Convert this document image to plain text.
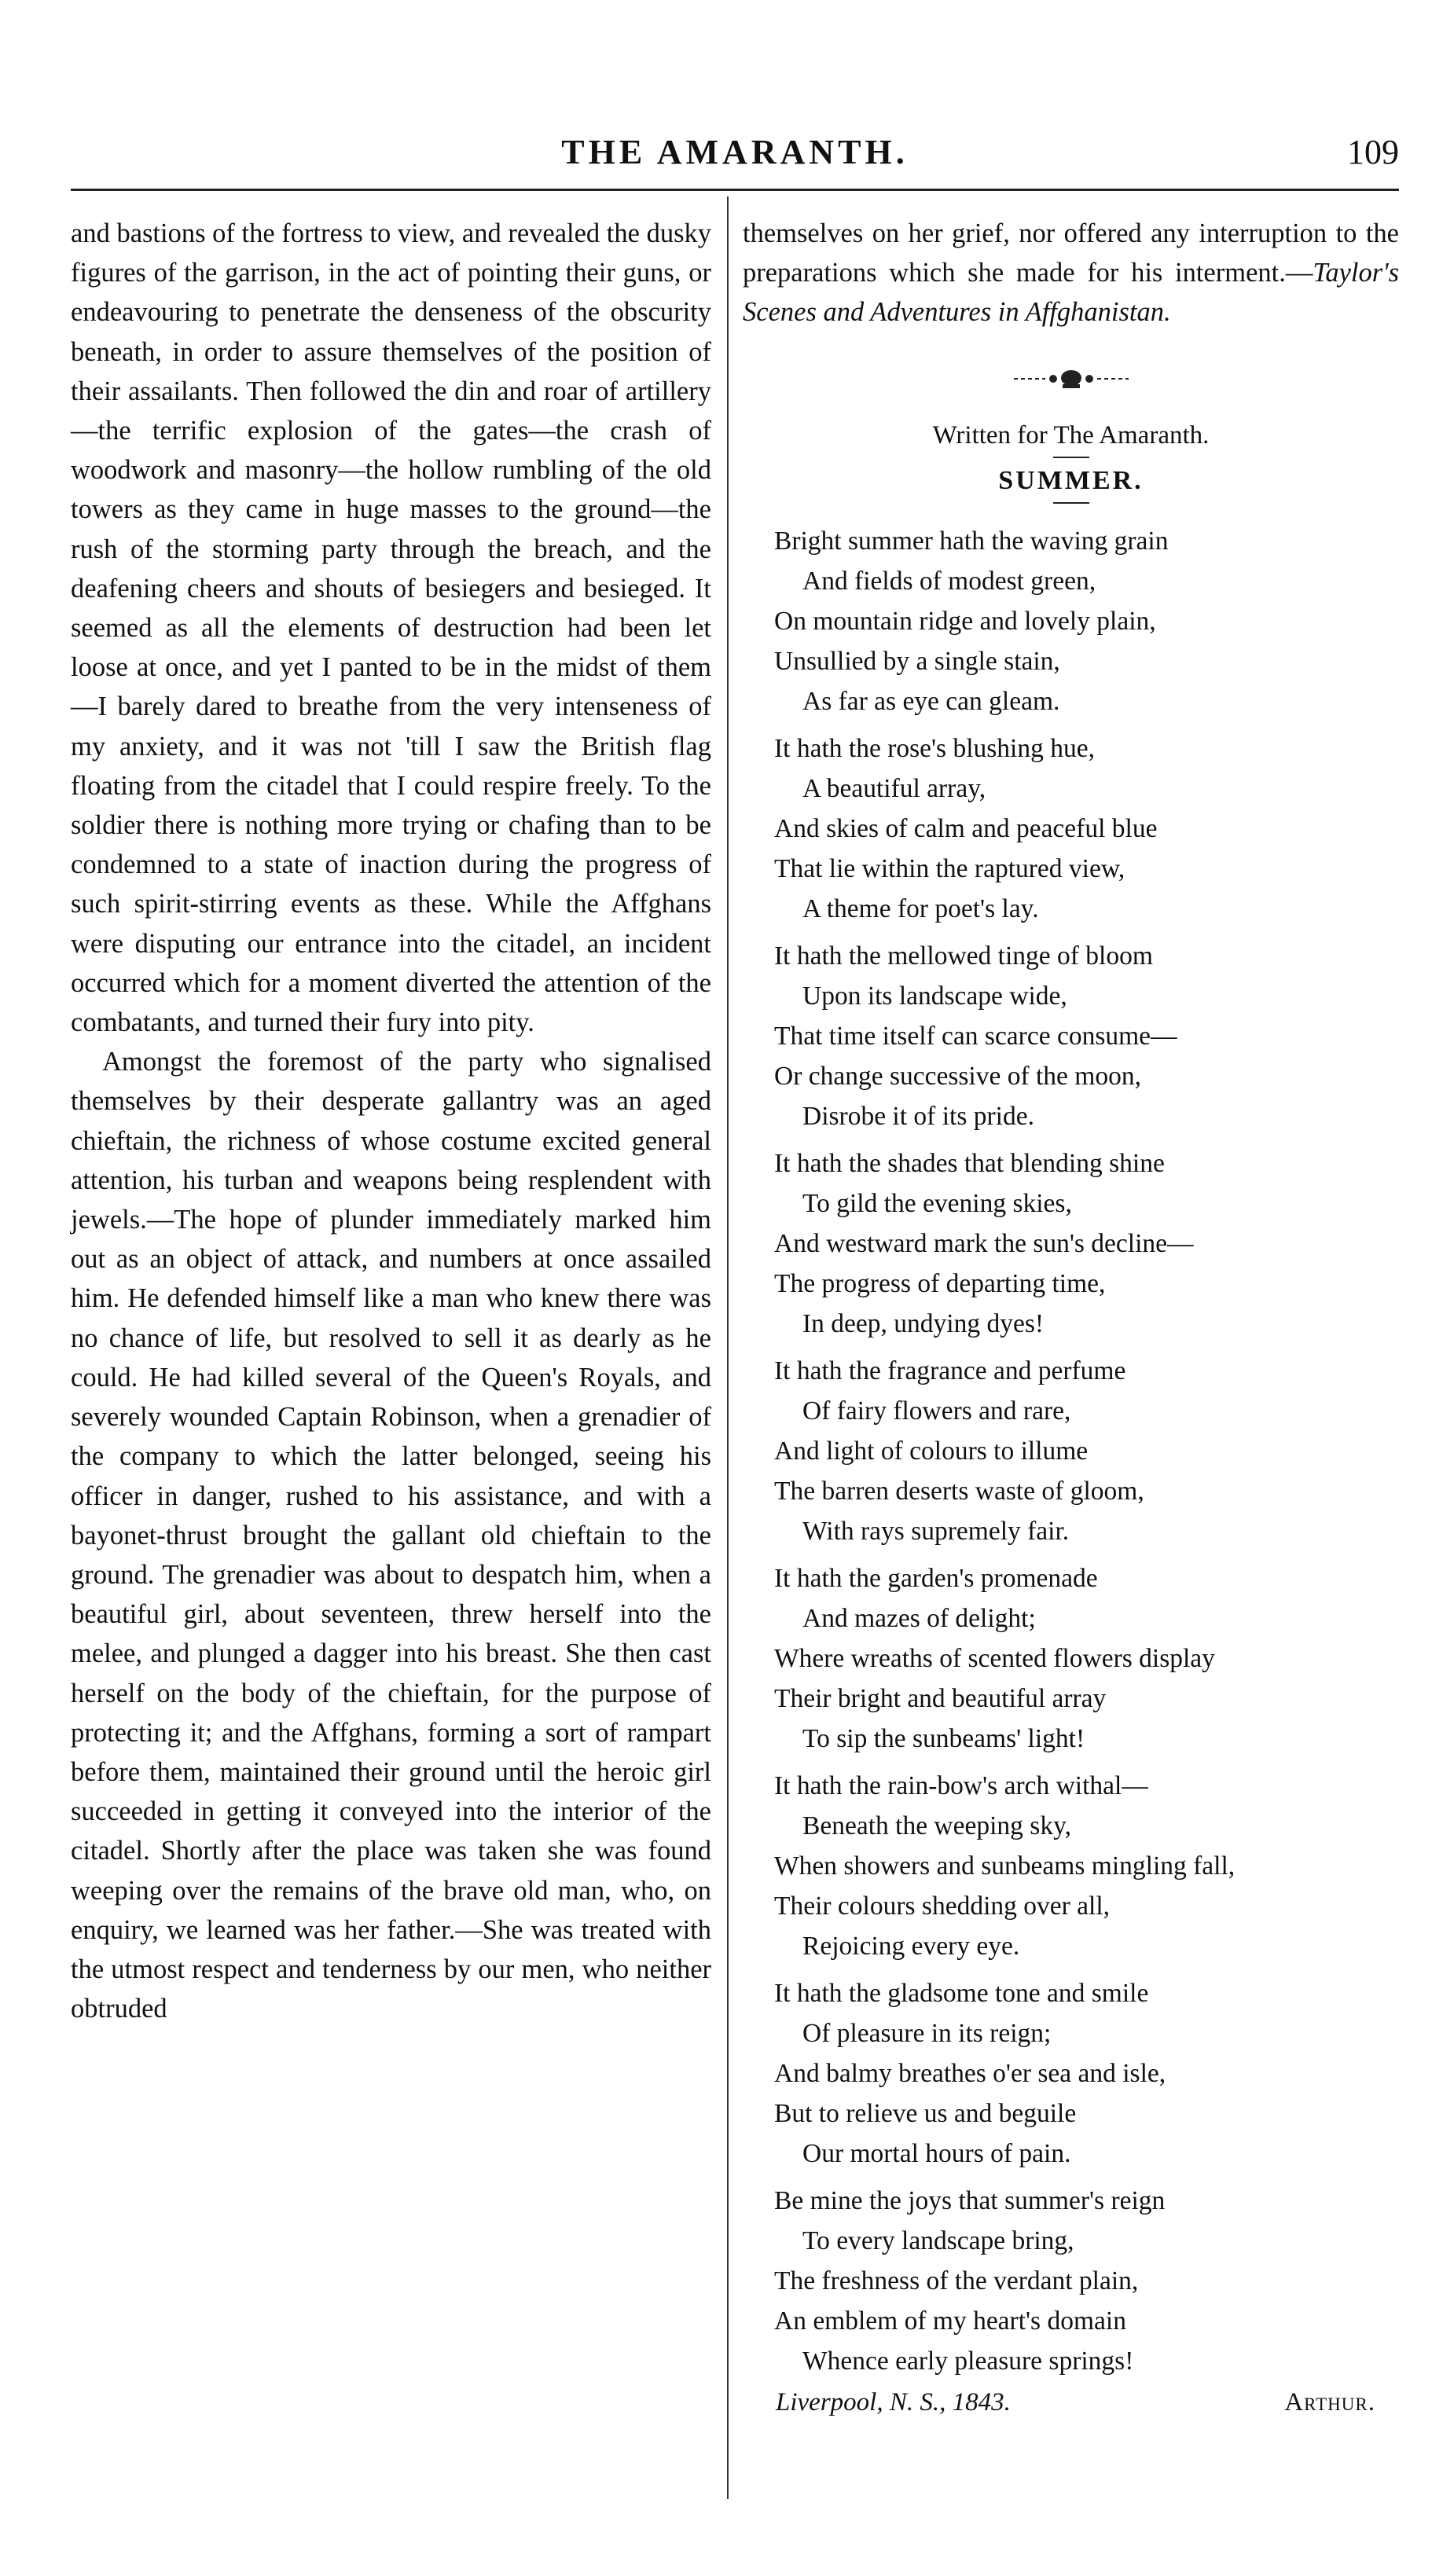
THE AMARANTH.	109

and bastions of the fortress to view, and revealed the dusky figures of the garrison, in the act of pointing their guns, or endeavouring to penetrate the denseness of the obscurity beneath, in order to assure themselves of the position of their assailants. Then followed the din and roar of artillery—the terrific explosion of the gates—the crash of woodwork and masonry—the hollow rumbling of the old towers as they came in huge masses to the ground—the rush of the storming party through the breach, and the deafening cheers and shouts of besiegers and besieged. It seemed as all the elements of destruction had been let loose at once, and yet I panted to be in the midst of them—I barely dared to breathe from the very intenseness of my anxiety, and it was not 'till I saw the British flag floating from the citadel that I could respire freely. To the soldier there is nothing more trying or chafing than to be condemned to a state of inaction during the progress of such spirit-stirring events as these. While the Affghans were disputing our entrance into the citadel, an incident occurred which for a moment diverted the attention of the combatants, and turned their fury into pity.

Amongst the foremost of the party who signalised themselves by their desperate gallantry was an aged chieftain, the richness of whose costume excited general attention, his turban and weapons being resplendent with jewels.—The hope of plunder immediately marked him out as an object of attack, and numbers at once assailed him. He defended himself like a man who knew there was no chance of life, but resolved to sell it as dearly as he could. He had killed several of the Queen's Royals, and severely wounded Captain Robinson, when a grenadier of the company to which the latter belonged, seeing his officer in danger, rushed to his assistance, and with a bayonet-thrust brought the gallant old chieftain to the ground. The grenadier was about to despatch him, when a beautiful girl, about seventeen, threw herself into the melee, and plunged a dagger into his breast. She then cast herself on the body of the chieftain, for the purpose of protecting it; and the Affghans, forming a sort of rampart before them, maintained their ground until the heroic girl succeeded in getting it conveyed into the interior of the citadel. Shortly after the place was taken she was found weeping over the remains of the brave old man, who, on enquiry, we learned was her father.—She was treated with the utmost respect and tenderness by our men, who neither obtruded

themselves on her grief, nor offered any interruption to the preparations which she made for his interment.—Taylor's Scenes and Adventures in Affghanistan.

Written for The Amaranth.
SUMMER.
Bright summer hath the waving grain
And fields of modest green,
On mountain ridge and lovely plain,
Unsullied by a single stain,
As far as eye can gleam.
It hath the rose's blushing hue,
A beautiful array,
And skies of calm and peaceful blue
That lie within the raptured view,
A theme for poet's lay.
It hath the mellowed tinge of bloom
Upon its landscape wide,
That time itself can scarce consume—
Or change successive of the moon,
Disrobe it of its pride.
It hath the shades that blending shine
To gild the evening skies,
And westward mark the sun's decline—
The progress of departing time,
In deep, undying dyes!
It hath the fragrance and perfume
Of fairy flowers and rare,
And light of colours to illume
The barren deserts waste of gloom,
With rays supremely fair.
It hath the garden's promenade
And mazes of delight;
Where wreaths of scented flowers display
Their bright and beautiful array
To sip the sunbeams' light!
It hath the rain-bow's arch withal—
Beneath the weeping sky,
When showers and sunbeams mingling fall,
Their colours shedding over all,
Rejoicing every eye.
It hath the gladsome tone and smile
Of pleasure in its reign;
And balmy breathes o'er sea and isle,
But to relieve us and beguile
Our mortal hours of pain.
Be mine the joys that summer's reign
To every landscape bring,
The freshness of the verdant plain,
An emblem of my heart's domain
Whence early pleasure springs!
Liverpool, N. S., 1843.	Arthur.
